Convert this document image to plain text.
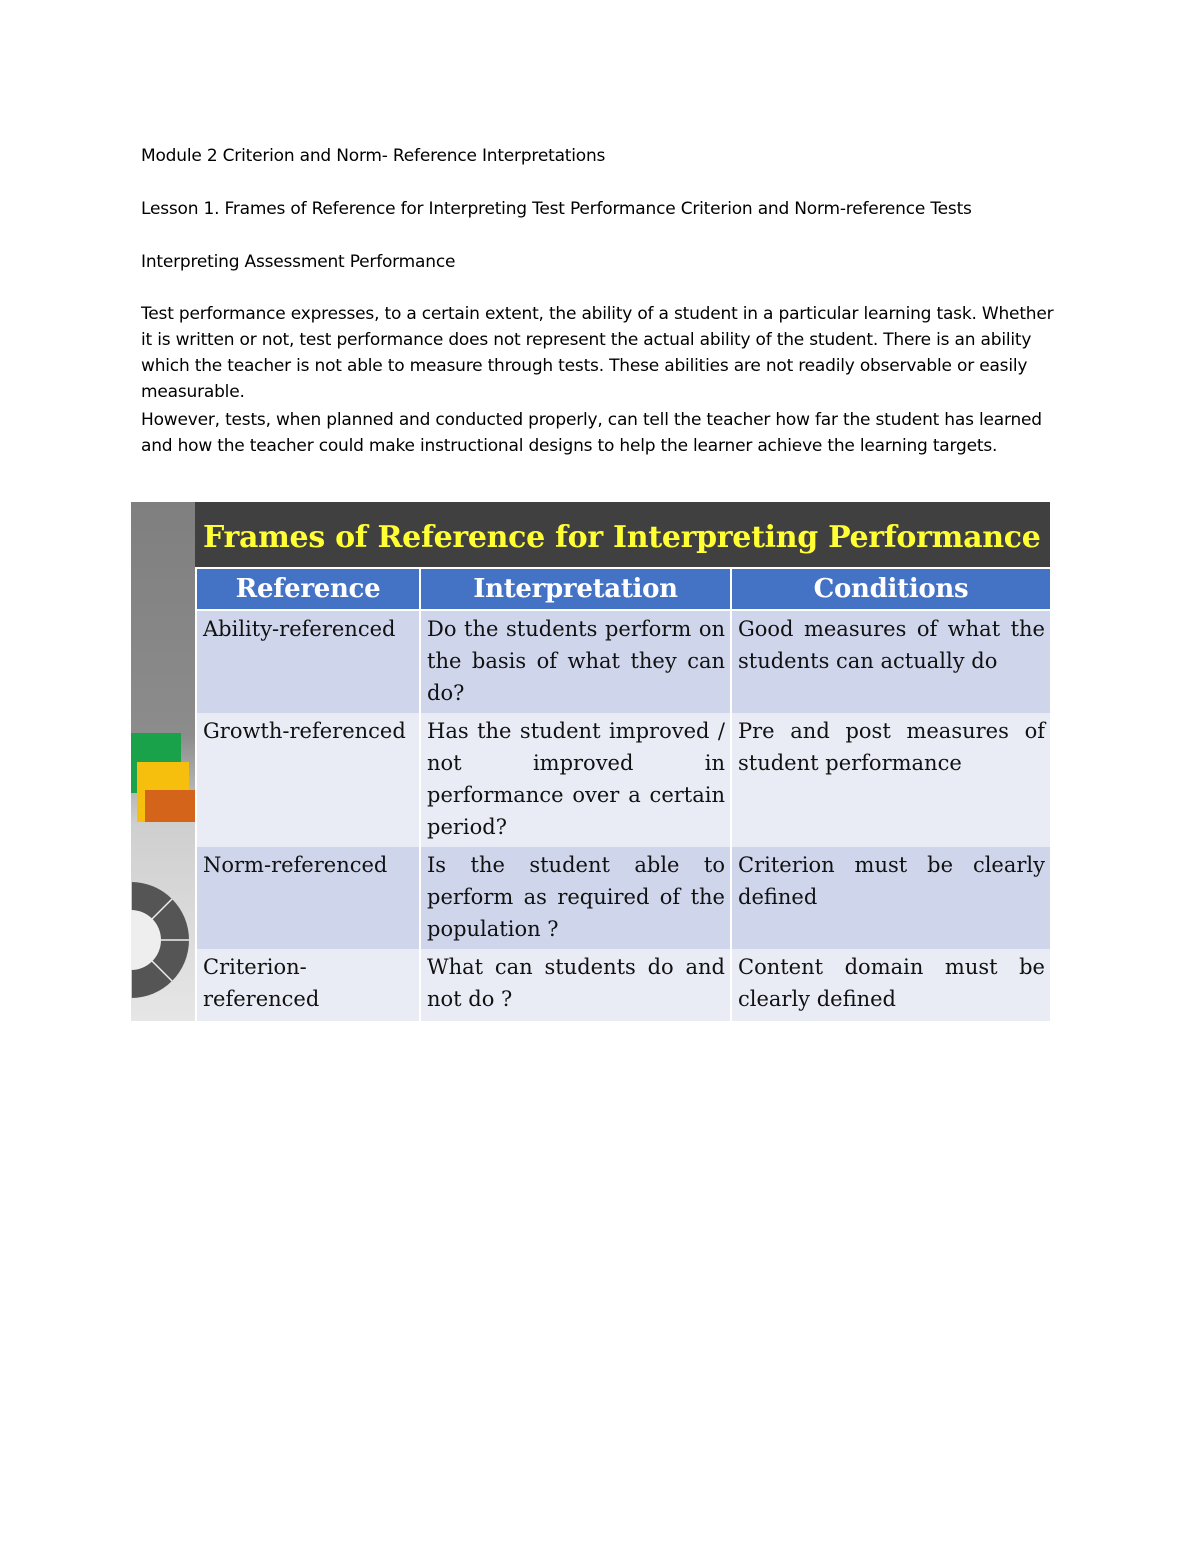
Module 2 Criterion and Norm- Reference Interpretations
Lesson 1. Frames of Reference for Interpreting Test Performance Criterion and Norm-reference Tests
Interpreting Assessment Performance
Test performance expresses, to a certain extent, the ability of a student in a particular learning task. Whether it is written or not, test performance does not represent the actual ability of the student. There is an ability which the teacher is not able to measure through tests. These abilities are not readily observable or easily measurable.
However, tests, when planned and conducted properly, can tell the teacher how far the student has learned and how the teacher could make instructional designs to help the learner achieve the learning targets.
Frames of Reference for Interpreting Performance
Reference	Interpretation	Conditions
Ability-referenced	Do the students perform on the basis of what they can do?	Good measures of what the students can actually do
Growth-referenced	Has the student improved / not improved in performance over a certain period?	Pre and post measures of student performance
Norm-referenced	Is the student able to perform as required of the population ?	Criterion must be clearly defined
Criterion-referenced	What can students do and not do ?	Content domain must be clearly defined
